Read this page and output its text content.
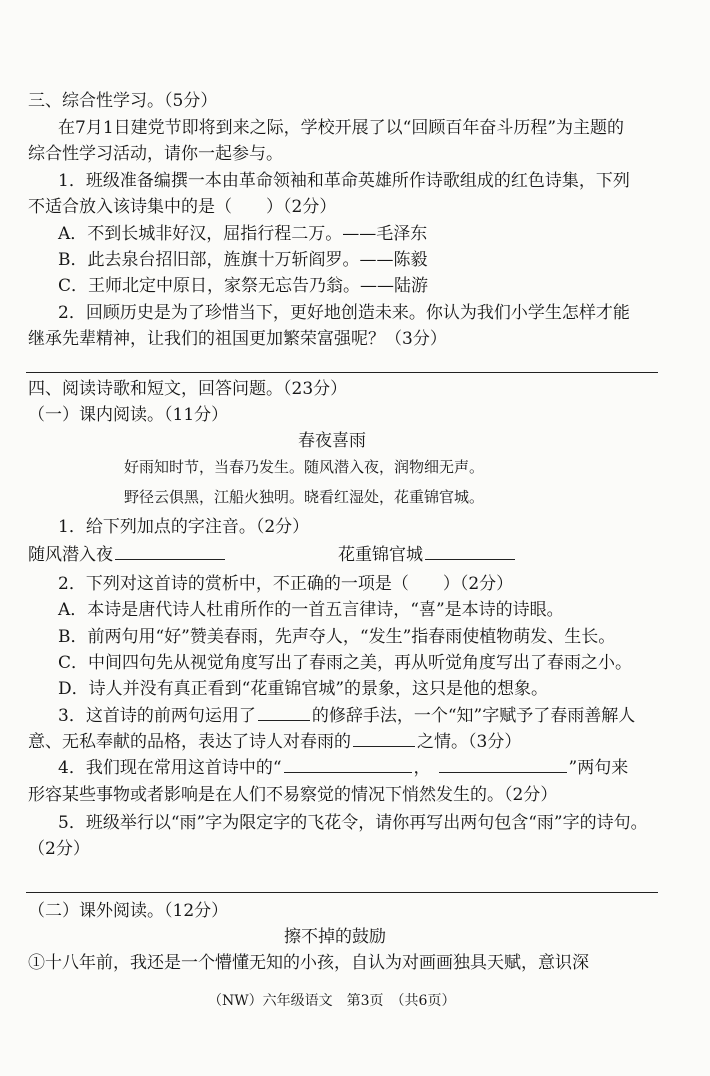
三、综合性学习。（5分）
在7月1日建党节即将到来之际，学校开展了以“回顾百年奋斗历程”为主题的
综合性学习活动，请你一起参与。
1．班级准备编撰一本由革命领袖和革命英雄所作诗歌组成的红色诗集，下列
不适合放入该诗集中的是（　　）（2分）
A．不到长城非好汉，屈指行程二万。——毛泽东
B．此去泉台招旧部，旌旗十万斩阎罗。——陈毅
C．王师北定中原日，家祭无忘告乃翁。——陆游
2．回顾历史是为了珍惜当下，更好地创造未来。你认为我们小学生怎样才能
继承先辈精神，让我们的祖国更加繁荣富强呢？（3分）
四、阅读诗歌和短文，回答问题。（23分）
（一）课内阅读。（11分）
春夜喜雨
好雨知时节，当春乃发生。随风潜入夜，润物细无声。
野径云俱黑，江船火独明。晓看红湿处，花重锦官城。
1．给下列加点的字注音。（2分）
随风潜入夜	花重锦官城
2．下列对这首诗的赏析中，不正确的一项是（　　）（2分）
A．本诗是唐代诗人杜甫所作的一首五言律诗，“喜”是本诗的诗眼。
B．前两句用“好”赞美春雨，先声夺人，“发生”指春雨使植物萌发、生长。
C．中间四句先从视觉角度写出了春雨之美，再从听觉角度写出了春雨之小。
D．诗人并没有真正看到“花重锦官城”的景象，这只是他的想象。
3．这首诗的前两句运用了	的修辞手法，一个“知”字赋予了春雨善解人
意、无私奉献的品格，表达了诗人对春雨的	之情。（3分）
4．我们现在常用这首诗中的“	，	”两句来
形容某些事物或者影响是在人们不易察觉的情况下悄然发生的。（2分）
5．班级举行以“雨”字为限定字的飞花令，请你再写出两句包含“雨”字的诗句。
（2分）
（二）课外阅读。（12分）
擦不掉的鼓励
①十八年前，我还是一个懵懂无知的小孩，自认为对画画独具天赋，意识深
（NW）六年级语文　第3页　（共6页）
